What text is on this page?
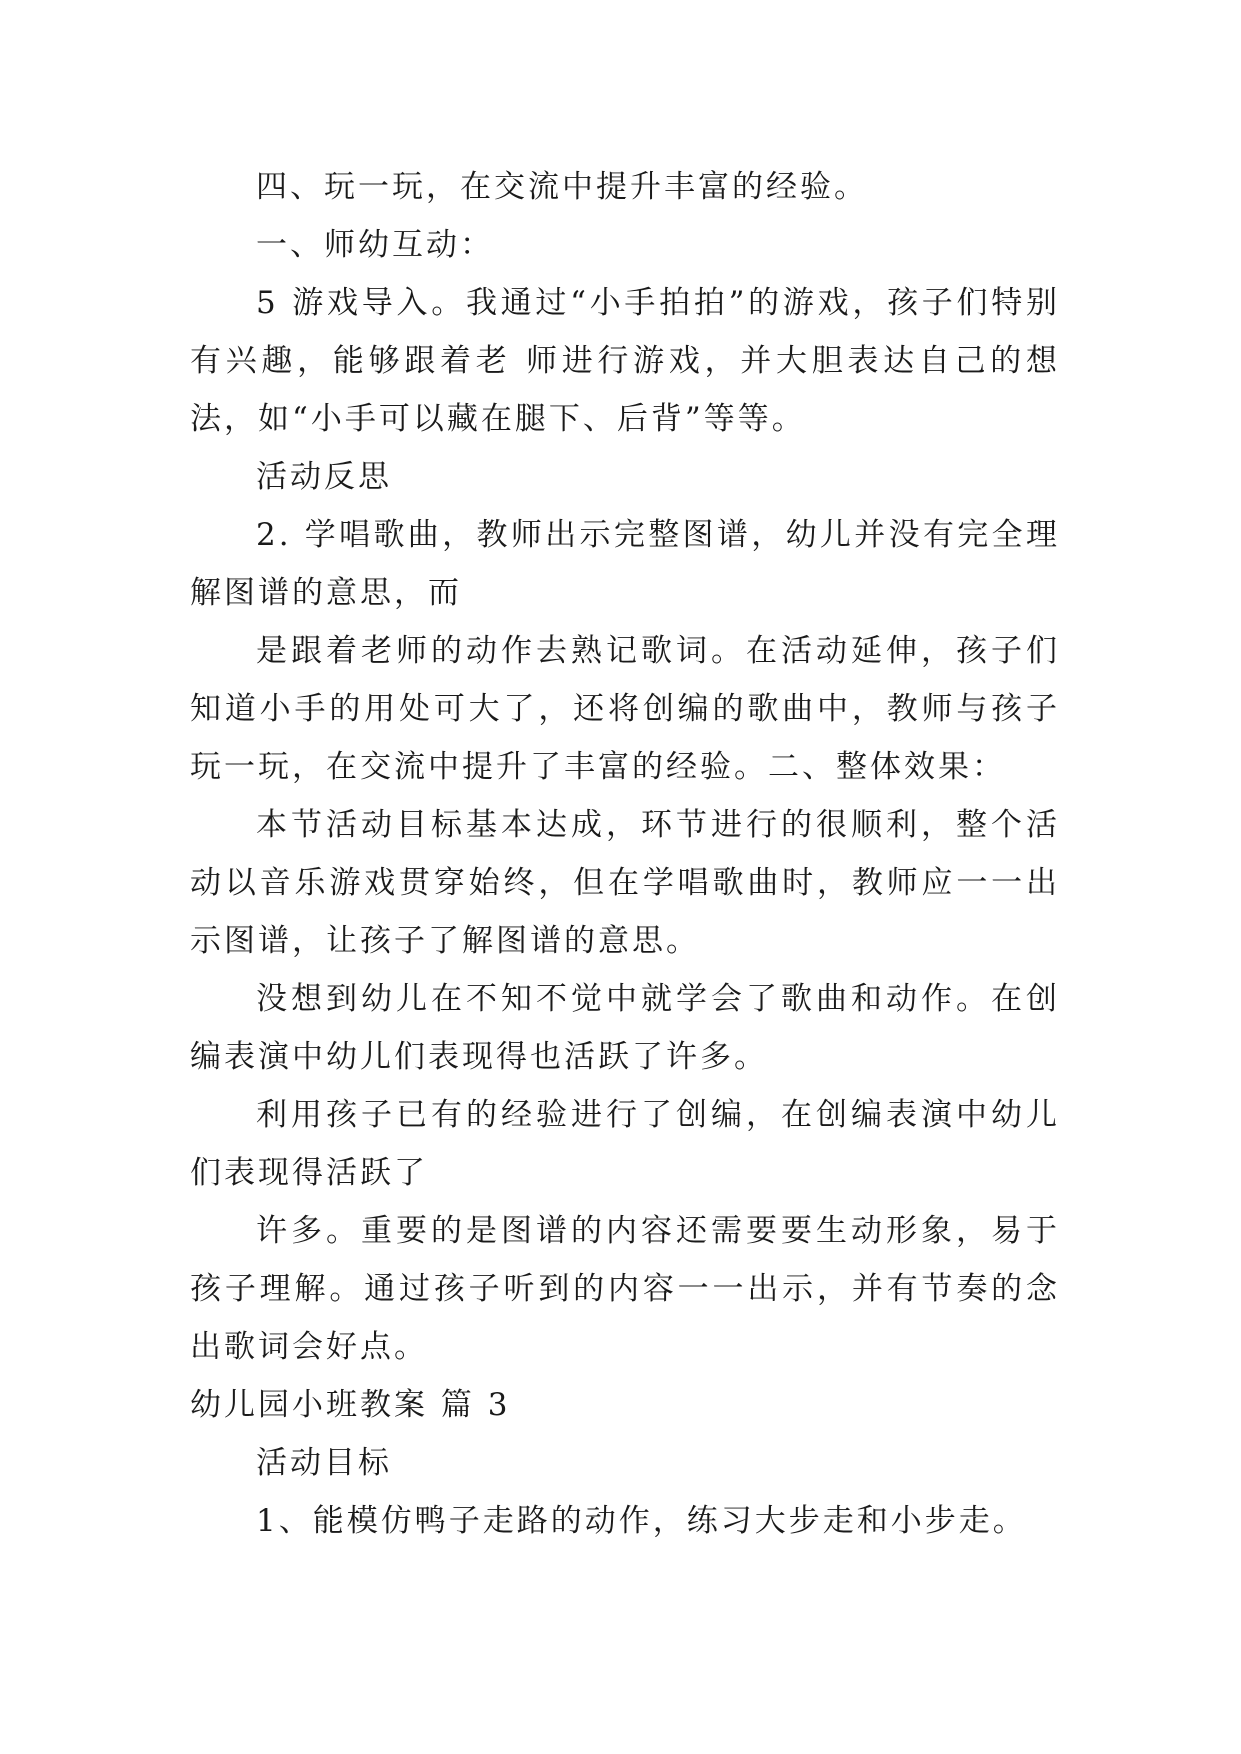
四、玩一玩，在交流中提升丰富的经验。

一、师幼互动：

5 游戏导入。我通过“小手拍拍”的游戏，孩子们特别有兴趣，能够跟着老 师进行游戏，并大胆表达自己的想法，如“小手可以藏在腿下、后背”等等。

活动反思

2. 学唱歌曲，教师出示完整图谱，幼儿并没有完全理解图谱的意思，而

是跟着老师的动作去熟记歌词。在活动延伸，孩子们知道小手的用处可大了，还将创编的歌曲中，教师与孩子玩一玩，在交流中提升了丰富的经验。二、整体效果：

本节活动目标基本达成，环节进行的很顺利，整个活动以音乐游戏贯穿始终，但在学唱歌曲时，教师应一一出示图谱，让孩子了解图谱的意思。

没想到幼儿在不知不觉中就学会了歌曲和动作。在创编表演中幼儿们表现得也活跃了许多。

利用孩子已有的经验进行了创编，在创编表演中幼儿们表现得活跃了

许多。重要的是图谱的内容还需要要生动形象，易于孩子理解。通过孩子听到的内容一一出示，并有节奏的念出歌词会好点。

幼儿园小班教案 篇 3

活动目标

1、能模仿鸭子走路的动作，练习大步走和小步走。
